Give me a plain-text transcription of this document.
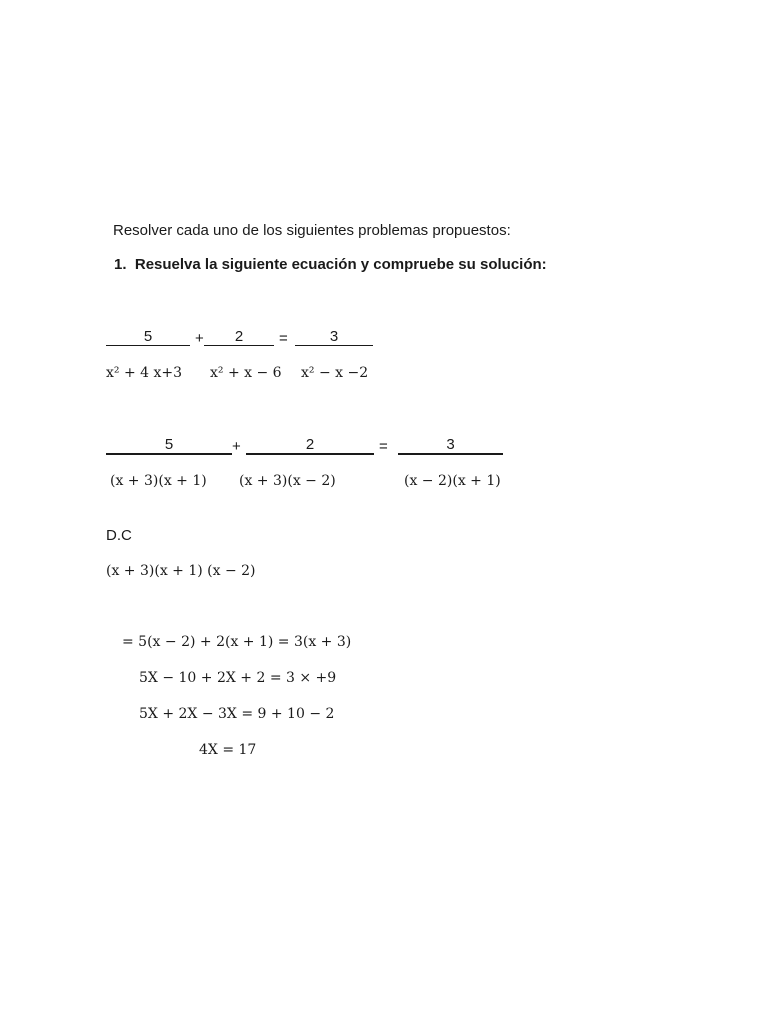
Resolver cada uno de los siguientes problemas propuestos:
1. Resuelva la siguiente ecuación y compruebe su solución:
5	+	2	=	3
x² + 4 x+3 x² + x − 6 x² − x −2
5	+	2	=	3
(x + 3)(x + 1) (x + 3)(x − 2)	(x − 2)(x + 1)
D.C
(x + 3)(x + 1) (x − 2)
= 5(x − 2) + 2(x + 1) = 3(x + 3)
5X − 10 + 2X + 2 = 3 × +9
5X + 2X − 3X = 9 + 10 − 2
4X = 17
